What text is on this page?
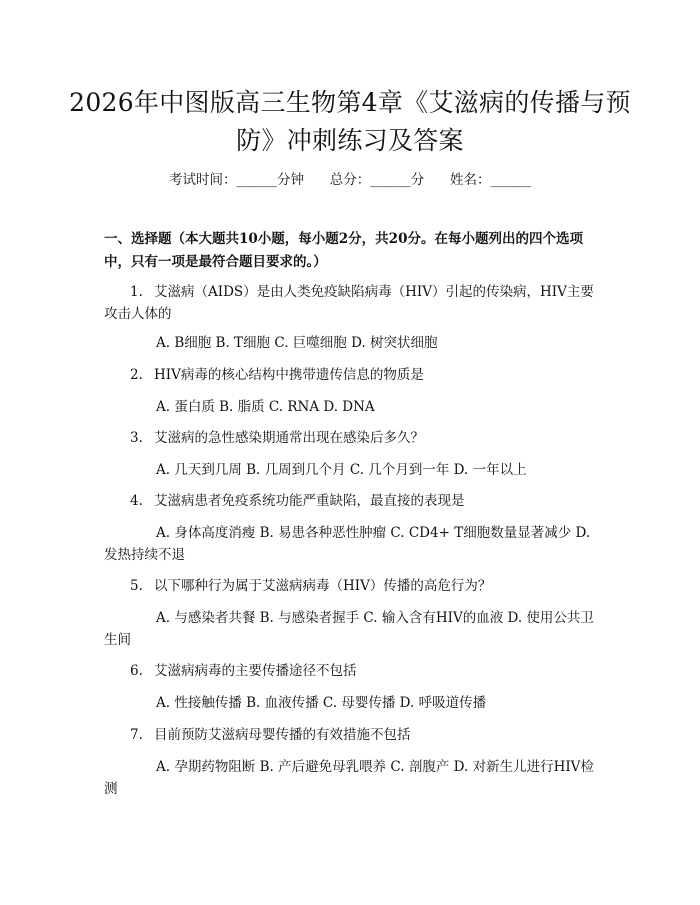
2026年中图版高三生物第4章《艾滋病的传播与预防》冲刺练习及答案
考试时间：______分钟      总分：______分      姓名：______
一、选择题（本大题共10小题，每小题2分，共20分。在每小题列出的四个选项中，只有一项是最符合题目要求的。）
1. 艾滋病（AIDS）是由人类免疫缺陷病毒（HIV）引起的传染病，HIV主要攻击人体的
A. B细胞 B. T细胞 C. 巨噬细胞 D. 树突状细胞
2. HIV病毒的核心结构中携带遗传信息的物质是
A. 蛋白质 B. 脂质 C. RNA D. DNA
3. 艾滋病的急性感染期通常出现在感染后多久？
A. 几天到几周 B. 几周到几个月 C. 几个月到一年 D. 一年以上
4. 艾滋病患者免疫系统功能严重缺陷，最直接的表现是
A. 身体高度消瘦 B. 易患各种恶性肿瘤 C. CD4+ T细胞数量显著减少 D. 发热持续不退
5. 以下哪种行为属于艾滋病病毒（HIV）传播的高危行为？
A. 与感染者共餐 B. 与感染者握手 C. 输入含有HIV的血液 D. 使用公共卫生间
6. 艾滋病病毒的主要传播途径不包括
A. 性接触传播 B. 血液传播 C. 母婴传播 D. 呼吸道传播
7. 目前预防艾滋病母婴传播的有效措施不包括
A. 孕期药物阻断 B. 产后避免母乳喂养 C. 剖腹产 D. 对新生儿进行HIV检测
